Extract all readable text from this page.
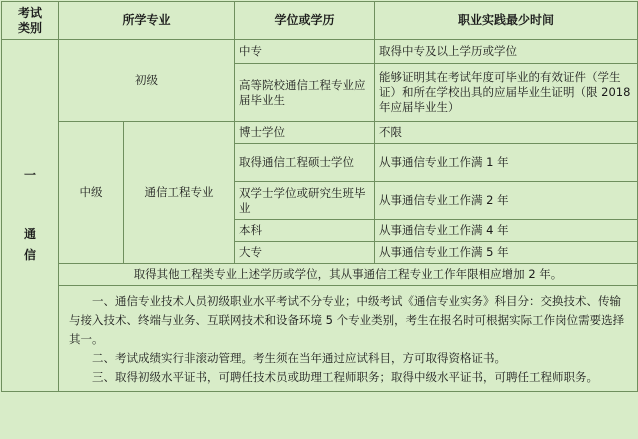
考试
类别	所学专业		学位或学历	职业实践最少时间

一
通
信	初级		中专	取得中专及以上学历或学位
			高等院校通信工程专业应届毕业生	能够证明其在考试年度可毕业的有效证件（学生证）和所在学校出具的应届毕业生证明（限 2018 年应届毕业生）
	中级	通信工程专业	博士学位	不限
			取得通信工程硕士学位	从事通信专业工作满 1 年
			双学士学位或研究生班毕业	从事通信专业工作满 2 年
			本科	从事通信专业工作满 4 年
			大专	从事通信专业工作满 5 年
	取得其他工程类专业上述学历或学位，其从事通信工程专业工作年限相应增加 2 年。			

	一、通信专业技术人员初级职业水平考试不分专业；中级考试《通信专业实务》科目分：交换技术、传输与接入技术、终端与业务、互联网技术和设备环境 5 个专业类别，考生在报名时可根据实际工作岗位需要选择其一。

二、考试成绩实行非滚动管理。考生须在当年通过应试科目，方可取得资格证书。

三、取得初级水平证书，可聘任技术员或助理工程师职务；取得中级水平证书，可聘任工程师职务。			
